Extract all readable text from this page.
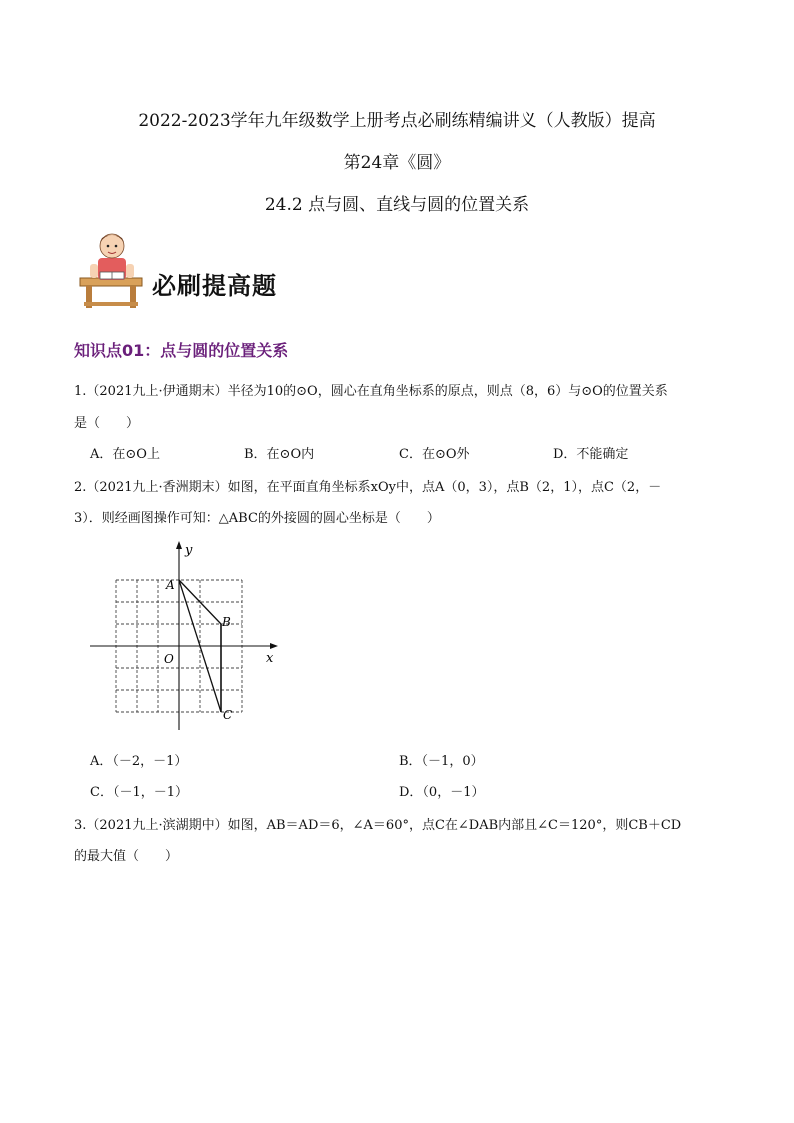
2022-2023学年九年级数学上册考点必刷练精编讲义（人教版）提高
第24章《圆》
24.2 点与圆、直线与圆的位置关系
必刷提高题
知识点01：点与圆的位置关系
1.（2021九上·伊通期末）半径为10的⊙O，圆心在直角坐标系的原点，则点（8，6）与⊙O的位置关系
是（　　）
A．在⊙O上	B．在⊙O内	C．在⊙O外	D．不能确定
2.（2021九上·香洲期末）如图，在平面直角坐标系xOy中，点A（0，3），点B（2，1），点C（2，－
3）．则经画图操作可知：△ABC的外接圆的圆心坐标是（　　）
y
x
O
A
B
C
A．（－2，－1）	B．（－1，0）
C．（－1，－1）	D．（0，－1）
3.（2021九上·滨湖期中）如图，AB＝AD＝6，∠A＝60°，点C在∠DAB内部且∠C＝120°，则CB＋CD
的最大值（　　）
